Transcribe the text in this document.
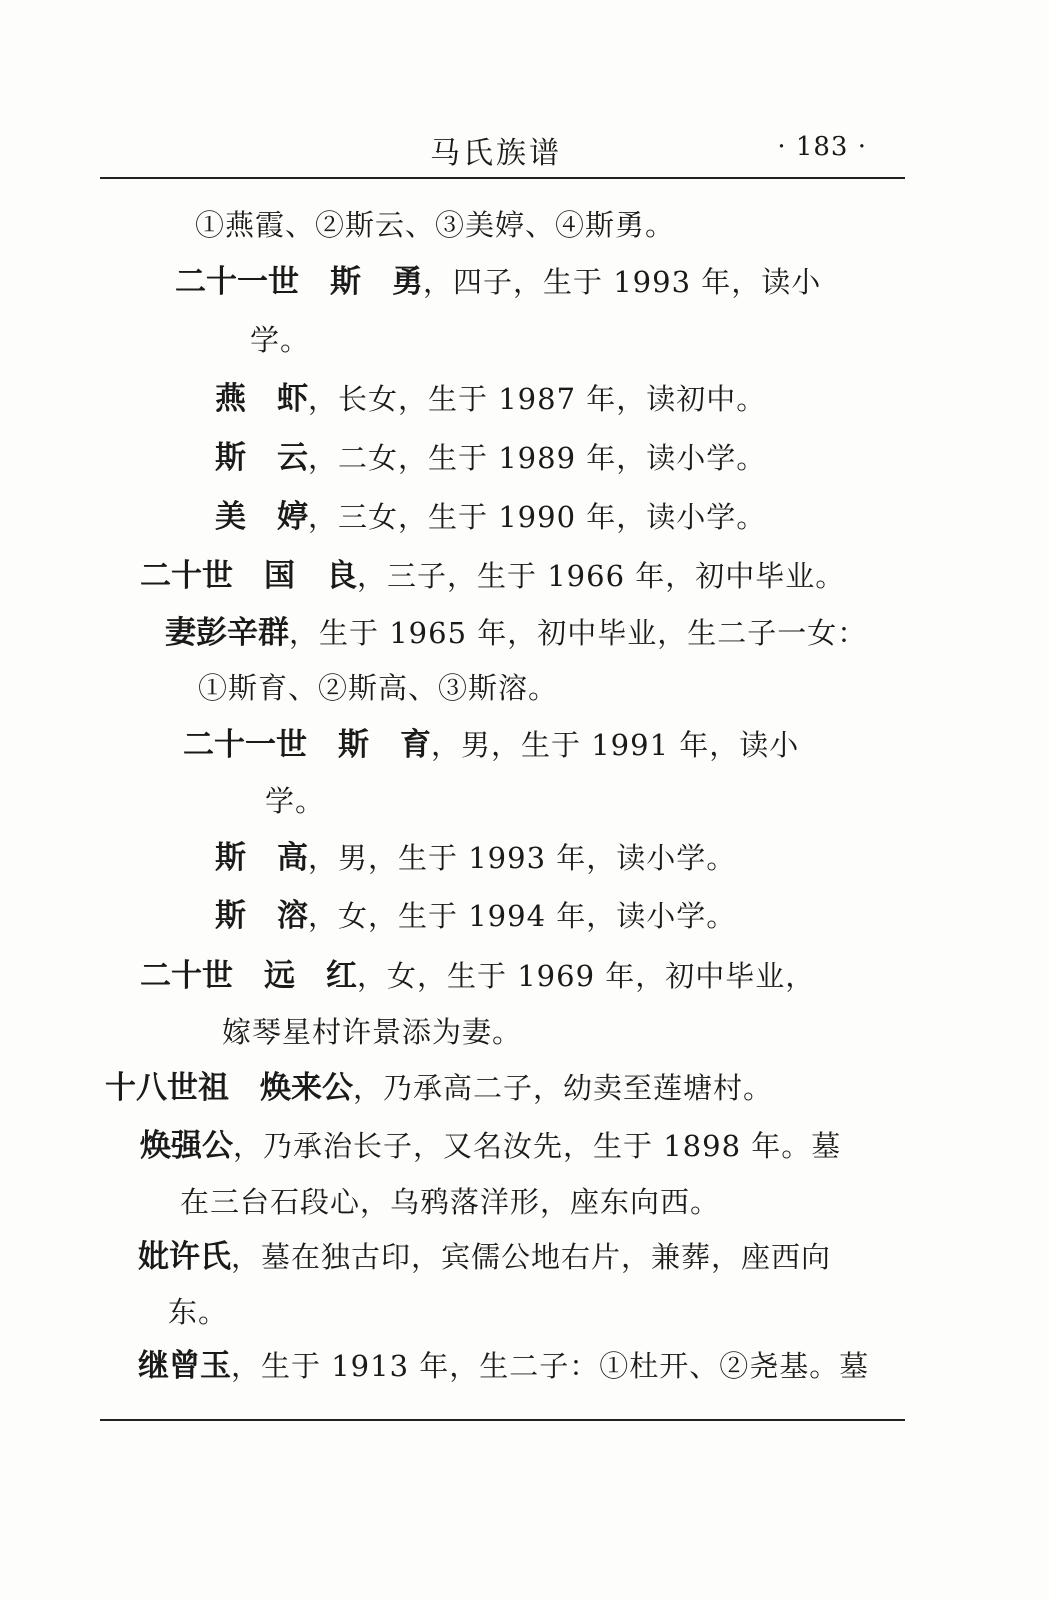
马氏族谱	· 183 ·
①燕霞、②斯云、③美婷、④斯勇。
二十一世　斯　勇，四子，生于 1993 年，读小
学。
燕　虾，长女，生于 1987 年，读初中。
斯　云，二女，生于 1989 年，读小学。
美　婷，三女，生于 1990 年，读小学。
二十世　国　良，三子，生于 1966 年，初中毕业。
妻彭辛群，生于 1965 年，初中毕业，生二子一女：
①斯育、②斯高、③斯溶。
二十一世　斯　育，男，生于 1991 年，读小
学。
斯　高，男，生于 1993 年，读小学。
斯　溶，女，生于 1994 年，读小学。
二十世　远　红，女，生于 1969 年，初中毕业，
嫁琴星村许景添为妻。
十八世祖　焕来公，乃承高二子，幼卖至莲塘村。
焕强公，乃承治长子，又名汝先，生于 1898 年。墓
在三台石段心，乌鸦落洋形，座东向西。
妣许氏，墓在独古印，宾儒公地右片，兼葬，座西向
东。
继曾玉，生于 1913 年，生二子：①杜开、②尧基。墓
